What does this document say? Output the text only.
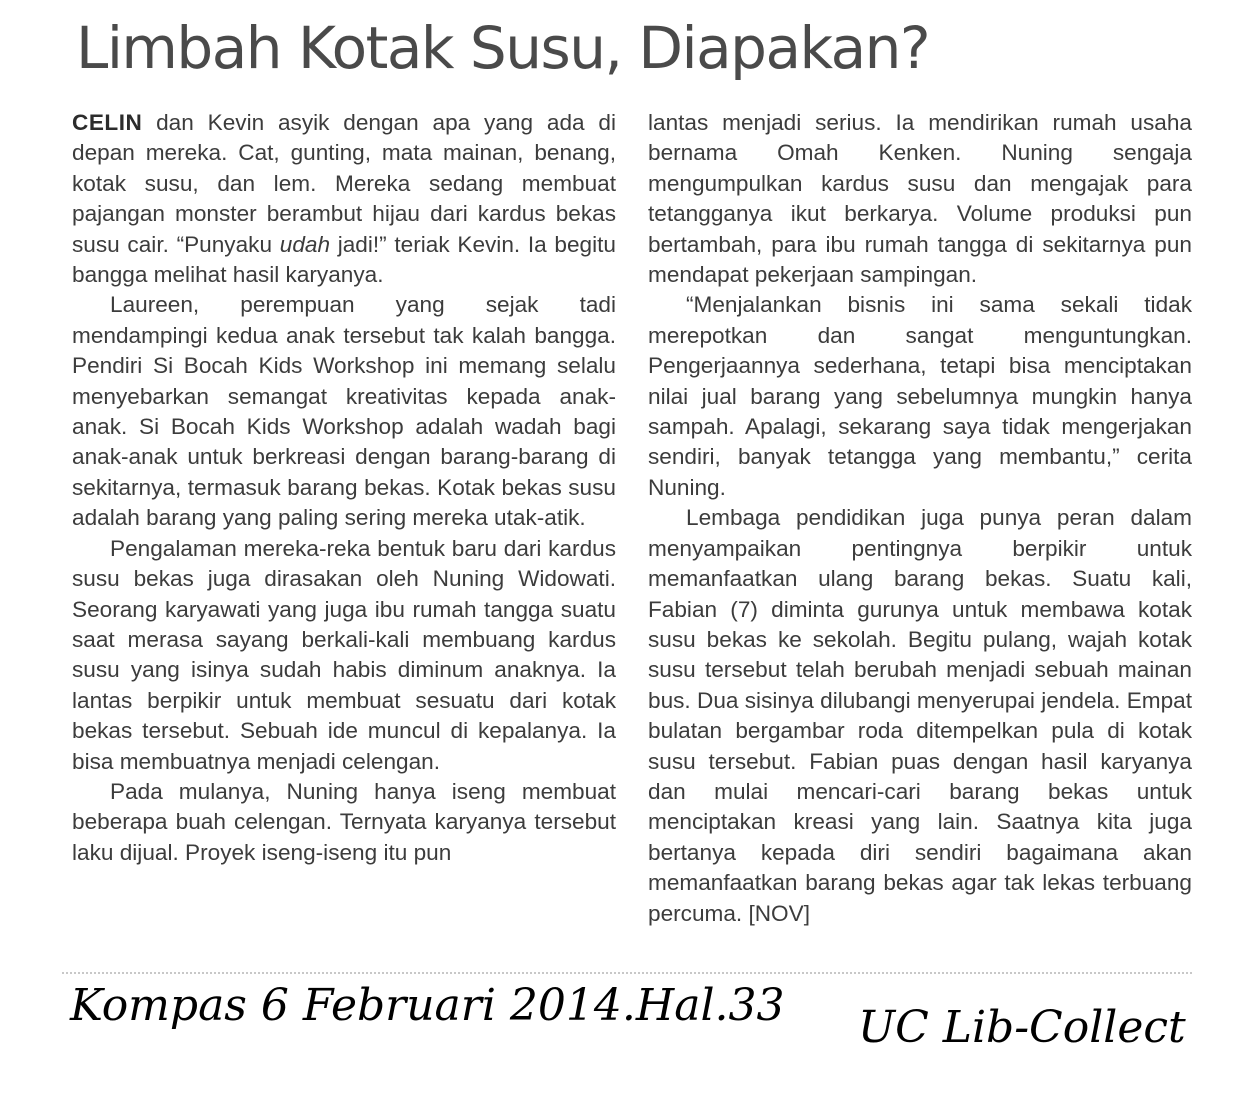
Limbah Kotak Susu, Diapakan?

CELIN dan Kevin asyik dengan apa yang ada di depan mereka. Cat, gunting, mata mainan, benang, kotak susu, dan lem. Mereka sedang membuat pajangan monster berambut hijau dari kardus bekas susu cair. “Punyaku udah jadi!” teriak Kevin. Ia begitu bangga melihat hasil karyanya.

Laureen, perempuan yang sejak tadi mendampingi kedua anak tersebut tak kalah bangga. Pendiri Si Bocah Kids Workshop ini memang selalu menyebarkan semangat kreativitas kepada anak-anak. Si Bocah Kids Workshop adalah wadah bagi anak-anak untuk berkreasi dengan barang-barang di sekitarnya, termasuk barang bekas. Kotak bekas susu adalah barang yang paling sering mereka utak-atik.

Pengalaman mereka-reka bentuk baru dari kardus susu bekas juga dirasakan oleh Nuning Widowati. Seorang karyawati yang juga ibu rumah tangga suatu saat merasa sayang berkali-kali membuang kardus susu yang isinya sudah habis diminum anaknya. Ia lantas berpikir untuk membuat sesuatu dari kotak bekas tersebut. Sebuah ide muncul di kepalanya. Ia bisa membuatnya menjadi celengan.

Pada mulanya, Nuning hanya iseng membuat beberapa buah celengan. Ternyata karyanya tersebut laku dijual. Proyek iseng-iseng itu pun

lantas menjadi serius. Ia mendirikan rumah usaha bernama Omah Kenken. Nuning sengaja mengumpulkan kardus susu dan mengajak para tetangganya ikut berkarya. Volume produksi pun bertambah, para ibu rumah tangga di sekitarnya pun mendapat pekerjaan sampingan.

“Menjalankan bisnis ini sama sekali tidak merepotkan dan sangat menguntungkan. Pengerjaannya sederhana, tetapi bisa menciptakan nilai jual barang yang sebelumnya mungkin hanya sampah. Apalagi, sekarang saya tidak mengerjakan sendiri, banyak tetangga yang membantu,” cerita Nuning.

Lembaga pendidikan juga punya peran dalam menyampaikan pentingnya berpikir untuk memanfaatkan ulang barang bekas. Suatu kali, Fabian (7) diminta gurunya untuk membawa kotak susu bekas ke sekolah. Begitu pulang, wajah kotak susu tersebut telah berubah menjadi sebuah mainan bus. Dua sisinya dilubangi menyerupai jendela. Empat bulatan bergambar roda ditempelkan pula di kotak susu tersebut. Fabian puas dengan hasil karyanya dan mulai mencari-cari barang bekas untuk menciptakan kreasi yang lain. Saatnya kita juga bertanya kepada diri sendiri bagaimana akan memanfaatkan barang bekas agar tak lekas terbuang percuma. [NOV]

Kompas 6 Februari 2014.Hal.33 UC Lib-Collect
